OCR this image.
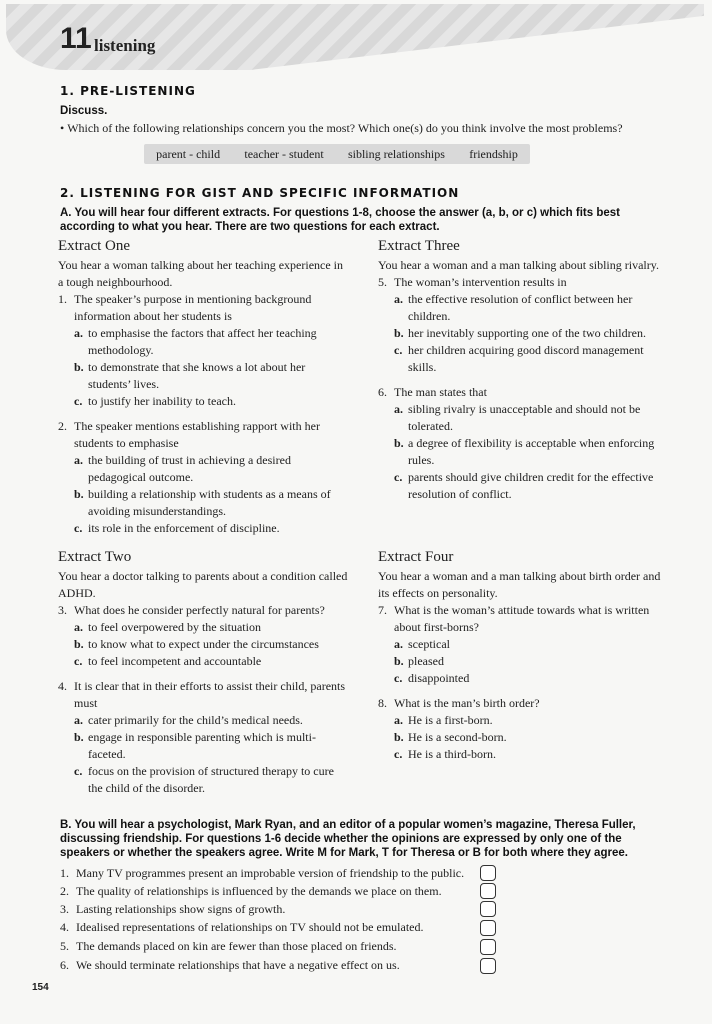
11 listening
1. PRE-LISTENING
Discuss.
• Which of the following relationships concern you the most? Which one(s) do you think involve the most problems?
parent - child teacher - student sibling relationships friendship
2. LISTENING FOR GIST AND SPECIFIC INFORMATION
A. You will hear four different extracts. For questions 1-8, choose the answer (a, b, or c) which fits best according to what you hear. There are two questions for each extract.
Extract One
You hear a woman talking about her teaching experience in a tough neighbourhood.
1. The speaker’s purpose in mentioning background information about her students is
a. to emphasise the factors that affect her teaching methodology.
b. to demonstrate that she knows a lot about her students’ lives.
c. to justify her inability to teach.
2. The speaker mentions establishing rapport with her students to emphasise
a. the building of trust in achieving a desired pedagogical outcome.
b. building a relationship with students as a means of avoiding misunderstandings.
c. its role in the enforcement of discipline.
Extract Two
You hear a doctor talking to parents about a condition called ADHD.
3. What does he consider perfectly natural for parents?
a. to feel overpowered by the situation
b. to know what to expect under the circumstances
c. to feel incompetent and accountable
4. It is clear that in their efforts to assist their child, parents must
a. cater primarily for the child’s medical needs.
b. engage in responsible parenting which is multi-faceted.
c. focus on the provision of structured therapy to cure the child of the disorder.
Extract Three
You hear a woman and a man talking about sibling rivalry.
5. The woman’s intervention results in
a. the effective resolution of conflict between her children.
b. her inevitably supporting one of the two children.
c. her children acquiring good discord management skills.
6. The man states that
a. sibling rivalry is unacceptable and should not be tolerated.
b. a degree of flexibility is acceptable when enforcing rules.
c. parents should give children credit for the effective resolution of conflict.
Extract Four
You hear a woman and a man talking about birth order and its effects on personality.
7. What is the woman’s attitude towards what is written about first-borns?
a. sceptical
b. pleased
c. disappointed
8. What is the man’s birth order?
a. He is a first-born.
b. He is a second-born.
c. He is a third-born.
B. You will hear a psychologist, Mark Ryan, and an editor of a popular women’s magazine, Theresa Fuller, discussing friendship. For questions 1-6 decide whether the opinions are expressed by only one of the speakers or whether the speakers agree. Write M for Mark, T for Theresa or B for both where they agree.
1. Many TV programmes present an improbable version of friendship to the public.
2. The quality of relationships is influenced by the demands we place on them.
3. Lasting relationships show signs of growth.
4. Idealised representations of relationships on TV should not be emulated.
5. The demands placed on kin are fewer than those placed on friends.
6. We should terminate relationships that have a negative effect on us.
154
